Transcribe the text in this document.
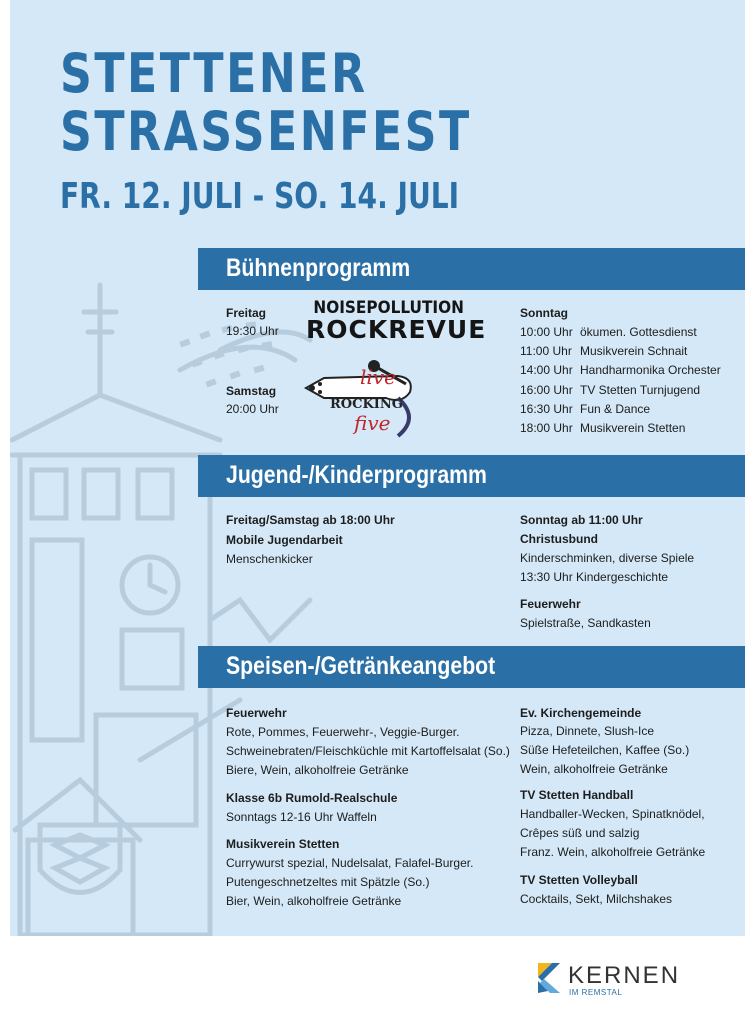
STETTENER
STRASSENFEST
FR. 12. JULI - SO. 14. JULI
Bühnenprogramm
Freitag
19:30 Uhr
NOISEPOLLUTION
ROCKREVUE
Samstag
20:00 Uhr
live
ROCKING
five
Sonntag
10:00 Uhr ökumen. Gottesdienst
11:00 Uhr Musikverein Schnait
14:00 Uhr Handharmonika Orchester
16:00 Uhr TV Stetten Turnjugend
16:30 Uhr Fun & Dance
18:00 Uhr Musikverein Stetten
Jugend-/Kinderprogramm
Freitag/Samstag ab 18:00 Uhr
Mobile Jugendarbeit
Menschenkicker
Sonntag ab 11:00 Uhr
Christusbund
Kinderschminken, diverse Spiele
13:30 Uhr Kindergeschichte
Feuerwehr
Spielstraße, Sandkasten
Speisen-/Getränkeangebot
Feuerwehr
Rote, Pommes, Feuerwehr-, Veggie-Burger.
Schweinebraten/Fleischküchle mit Kartoffelsalat (So.)
Biere, Wein, alkoholfreie Getränke
Klasse 6b Rumold-Realschule
Sonntags 12-16 Uhr Waffeln
Musikverein Stetten
Currywurst spezial, Nudelsalat, Falafel-Burger.
Putengeschnetzeltes mit Spätzle (So.)
Bier, Wein, alkoholfreie Getränke
Ev. Kirchengemeinde
Pizza, Dinnete, Slush-Ice
Süße Hefeteilchen, Kaffee (So.)
Wein, alkoholfreie Getränke
TV Stetten Handball
Handballer-Wecken, Spinatknödel,
Crêpes süß und salzig
Franz. Wein, alkoholfreie Getränke
TV Stetten Volleyball
Cocktails, Sekt, Milchshakes
KERNEN
IM REMSTAL
